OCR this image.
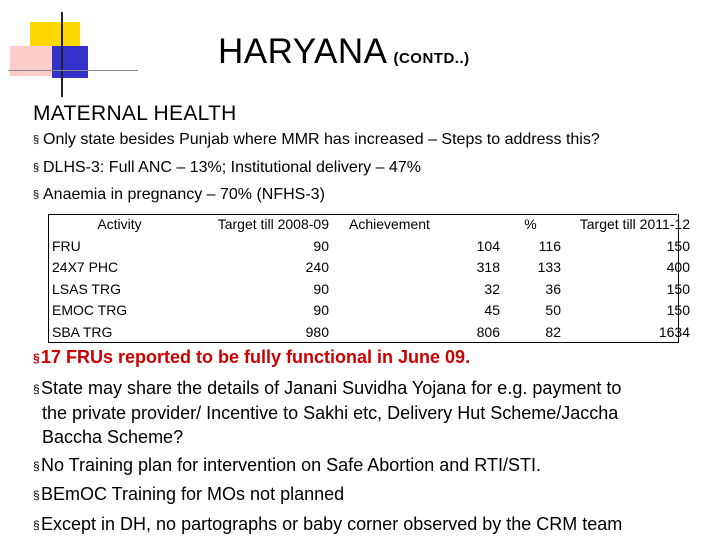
HARYANA (CONTD..)
MATERNAL HEALTH
§ Only state besides Punjab where MMR has increased – Steps to address this?
§ DLHS-3: Full ANC – 13%; Institutional delivery – 47%
§ Anaemia in pregnancy – 70% (NFHS-3)
Activity	Target till 2008-09	Achievement	%	Target till 2011-12
FRU	90	104	116	150
24X7 PHC	240	318	133	400
LSAS TRG	90	32	36	150
EMOC TRG	90	45	50	150
SBA TRG	980	806	82	1634
§17 FRUs reported to be fully functional in June 09.
§State may share the details of Janani Suvidha Yojana for e.g. payment to
the private provider/ Incentive to Sakhi etc, Delivery Hut Scheme/Jaccha
Baccha Scheme?
§No Training plan for intervention on Safe Abortion and RTI/STI.
§BEmOC Training for MOs not planned
§Except in DH, no partographs or baby corner observed by the CRM team
